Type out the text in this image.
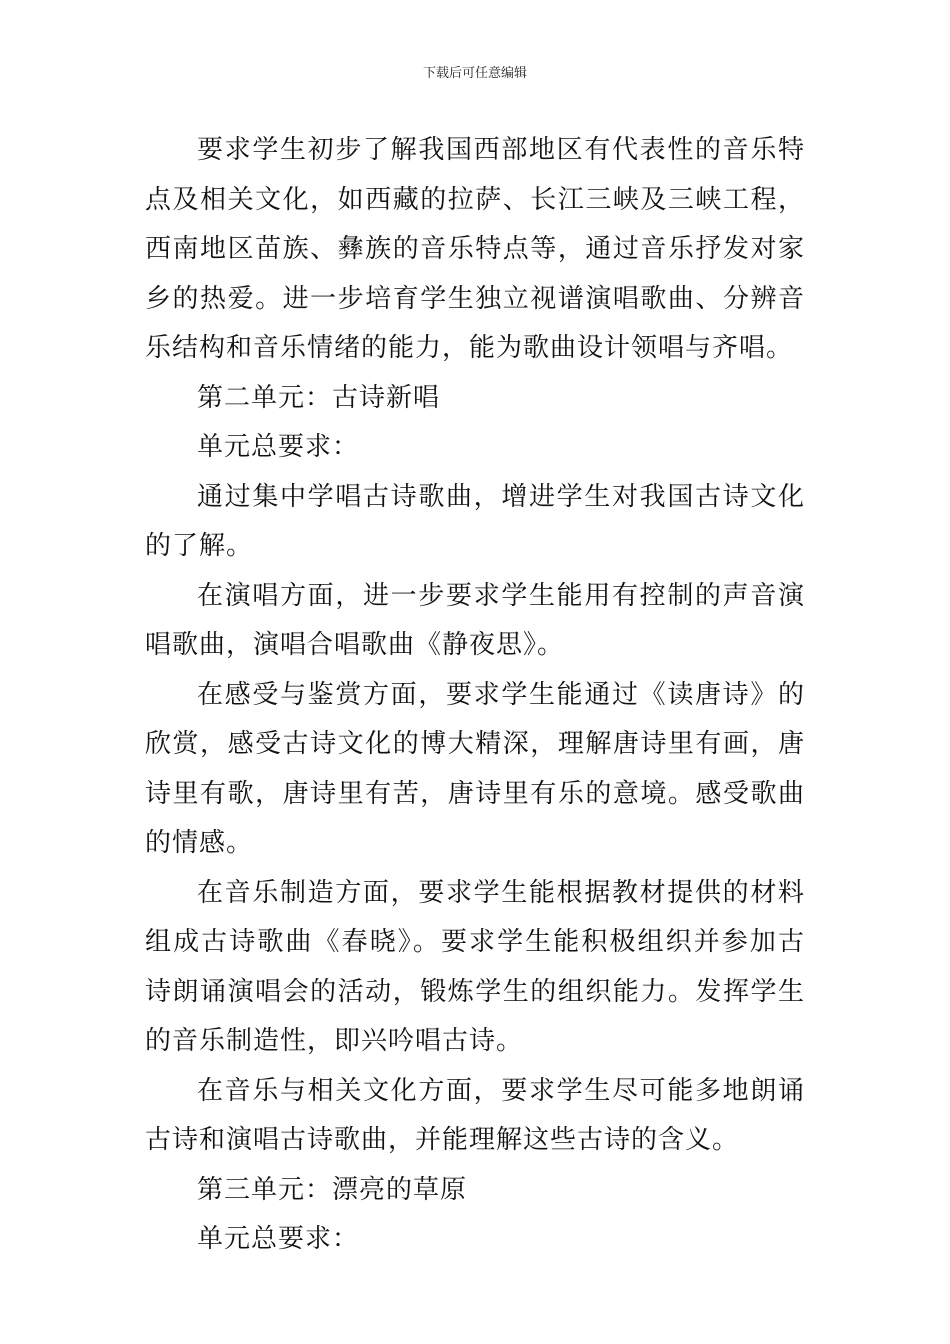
下载后可任意编辑

要求学生初步了解我国西部地区有代表性的音乐特点及相关文化，如西藏的拉萨、长江三峡及三峡工程，西南地区苗族、彝族的音乐特点等，通过音乐抒发对家乡的热爱。进一步培育学生独立视谱演唱歌曲、分辨音乐结构和音乐情绪的能力，能为歌曲设计领唱与齐唱。

第二单元：古诗新唱

单元总要求：

通过集中学唱古诗歌曲，增进学生对我国古诗文化的了解。

在演唱方面，进一步要求学生能用有控制的声音演唱歌曲，演唱合唱歌曲《静夜思》。

在感受与鉴赏方面，要求学生能通过《读唐诗》的欣赏，感受古诗文化的博大精深，理解唐诗里有画，唐诗里有歌，唐诗里有苦，唐诗里有乐的意境。感受歌曲的情感。

在音乐制造方面，要求学生能根据教材提供的材料组成古诗歌曲《春晓》。要求学生能积极组织并参加古诗朗诵演唱会的活动，锻炼学生的组织能力。发挥学生的音乐制造性，即兴吟唱古诗。

在音乐与相关文化方面，要求学生尽可能多地朗诵古诗和演唱古诗歌曲，并能理解这些古诗的含义。

第三单元：漂亮的草原

单元总要求：
